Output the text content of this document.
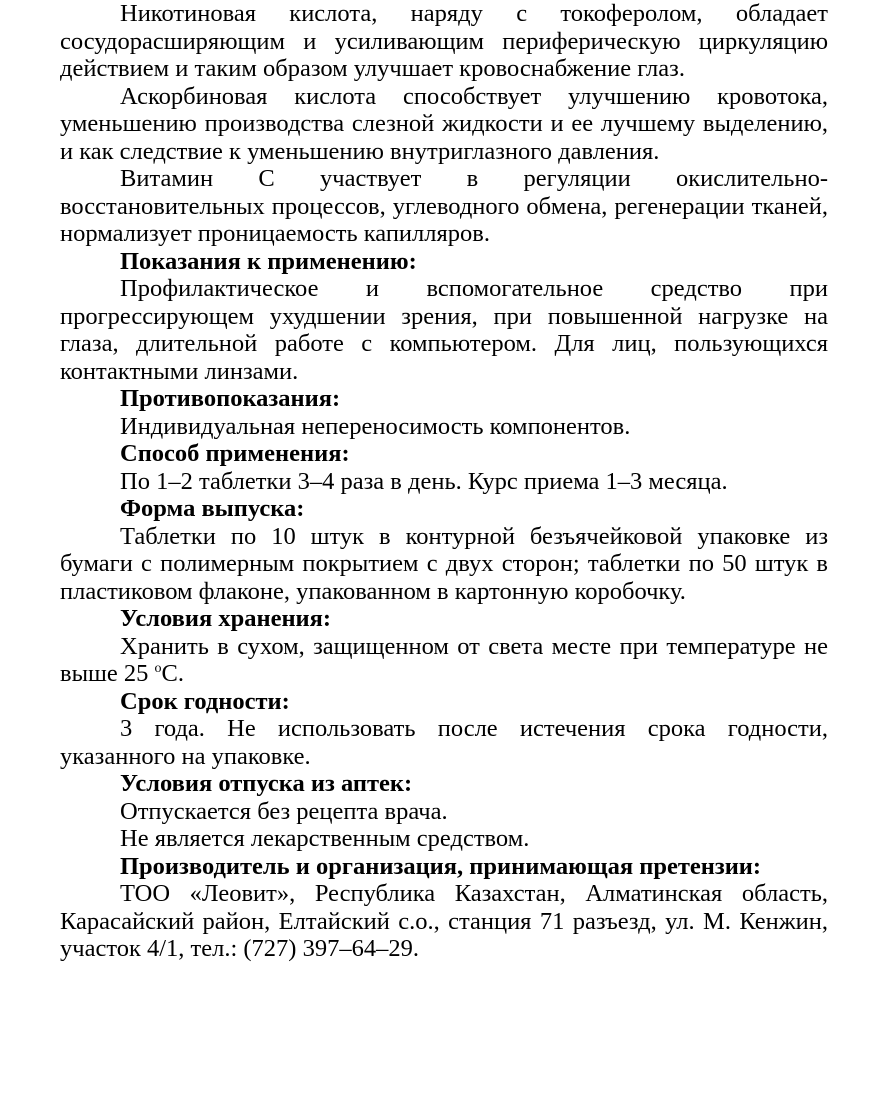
Никотиновая кислота, наряду с токоферолом, обладает сосудорасширяющим и усиливающим периферическую циркуляцию действием и таким образом улучшает кровоснабжение глаз.

Аскорбиновая кислота способствует улучшению кровотока, уменьшению производства слезной жидкости и ее лучшему выделению, и как следствие к уменьшению внутриглазного давления.

Витамин С участвует в регуляции окислительно-восстановительных процессов, углеводного обмена, регенерации тканей, нормализует проницаемость капилляров.

Показания к применению:

Профилактическое и вспомогательное средство при прогрессирующем ухудшении зрения, при повышенной нагрузке на глаза, длительной работе с компьютером. Для лиц, пользующихся контактными линзами.

Противопоказания:

Индивидуальная непереносимость компонентов.

Способ применения:

По 1–2 таблетки 3–4 раза в день. Курс приема 1–3 месяца.

Форма выпуска:

Таблетки по 10 штук в контурной безъячейковой упаковке из бумаги с полимерным покрытием с двух сторон; таблетки по 50 штук в пластиковом флаконе, упакованном в картонную коробочку.

Условия хранения:

Хранить в сухом, защищенном от света месте при температуре не выше 25 $^о$С.

Срок годности:

3 года. Не использовать после истечения срока годности, указанного на упаковке.

Условия отпуска из аптек:

Отпускается без рецепта врача.

Не является лекарственным средством.

Производитель и организация, принимающая претензии:

ТОО «Леовит», Республика Казахстан, Алматинская область, Карасайский район, Елтайский с.о., станция 71 разъезд, ул. М. Кенжин, участок 4/1, тел.: (727) 397–64–29.
